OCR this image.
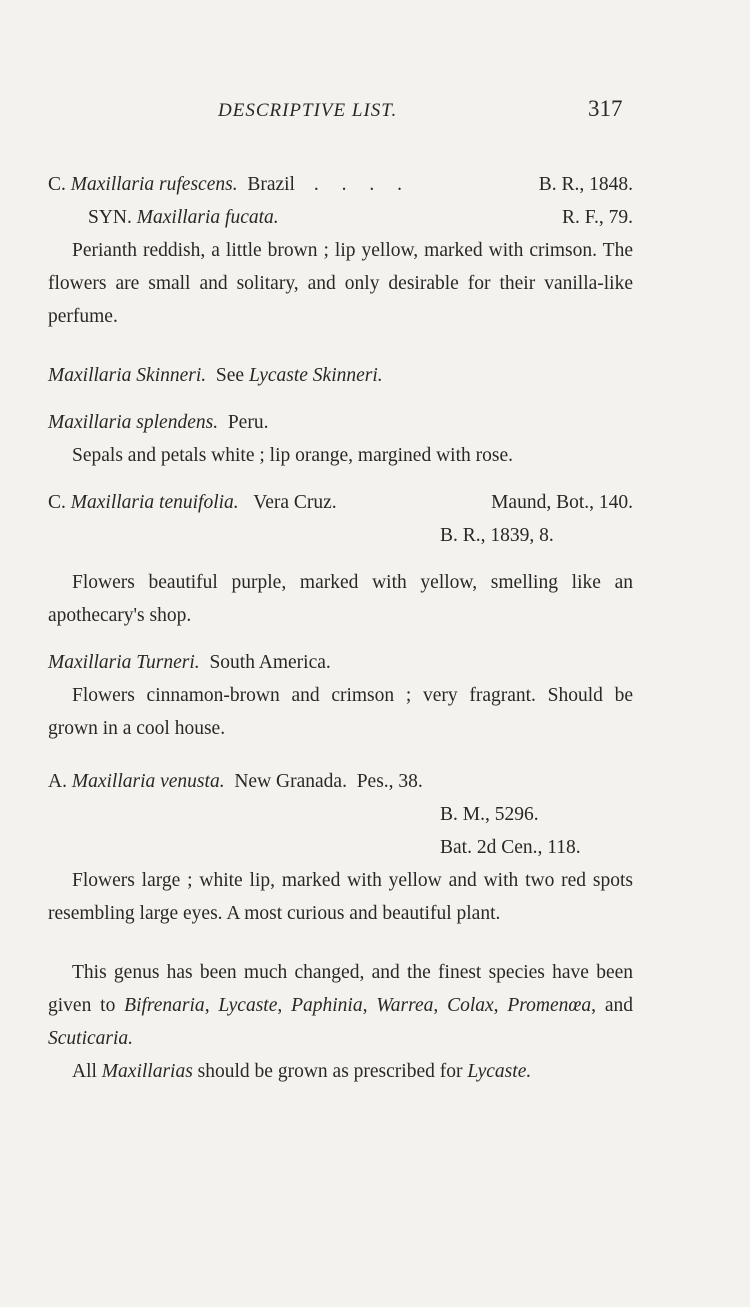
DESCRIPTIVE LIST.	317
C. Maxillaria rufescens. Brazil . . . .	B. R., 1848.
SYN. Maxillaria fucata.	R. F., 79.
Perianth reddish, a little brown ; lip yellow, marked with crimson. The flowers are small and solitary, and only desirable for their vanilla-like perfume.
Maxillaria Skinneri. See Lycaste Skinneri.
Maxillaria splendens. Peru.
Sepals and petals white ; lip orange, margined with rose.
C. Maxillaria tenuifolia. Vera Cruz.	Maund, Bot., 140.
B. R., 1839, 8.
Flowers beautiful purple, marked with yellow, smelling like an apothecary's shop.
Maxillaria Turneri. South America.
Flowers cinnamon-brown and crimson ; very fragrant. Should be grown in a cool house.
A. Maxillaria venusta. New Granada. Pes., 38.
B. M., 5296.
Bat. 2d Cen., 118.
Flowers large ; white lip, marked with yellow and with two red spots resembling large eyes. A most curious and beautiful plant.
This genus has been much changed, and the finest species have been given to Bifrenaria, Lycaste, Paphinia, Warrea, Colax, Promenœa, and Scuticaria.
All Maxillarias should be grown as prescribed for Lycaste.
